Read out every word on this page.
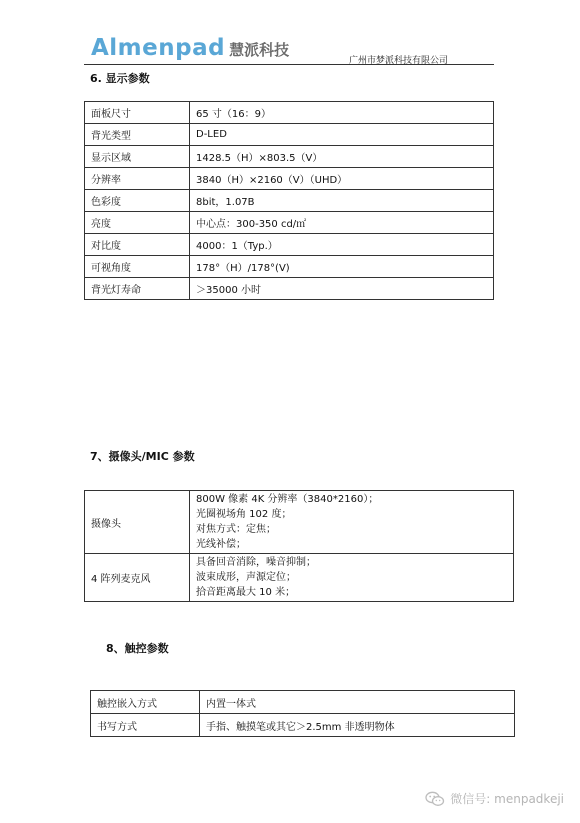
Almenpad 慧派科技
广州市梦派科技有限公司
6. 显示参数
面板尺寸	65 寸（16：9）
背光类型	D-LED
显示区域	1428.5（H）×803.5（V）
分辨率	3840（H）×2160（V）（UHD）
色彩度	8bit，1.07B
亮度	中心点：300-350 cd/㎡
对比度	4000：1（Typ.）
可视角度	178°（H）/178°(V)
背光灯寿命	＞35000 小时
7、摄像头/MIC 参数
摄像头	800W 像素 4K 分辨率（3840*2160）；
光圈视场角 102 度；
对焦方式：定焦；
光线补偿；

4 阵列麦克风	具备回音消除，噪音抑制；
波束成形，声源定位；
拾音距离最大 10 米；
8、触控参数
触控嵌入方式	内置一体式
书写方式	手指、触摸笔或其它＞2.5mm 非透明物体
微信号: menpadkeji
